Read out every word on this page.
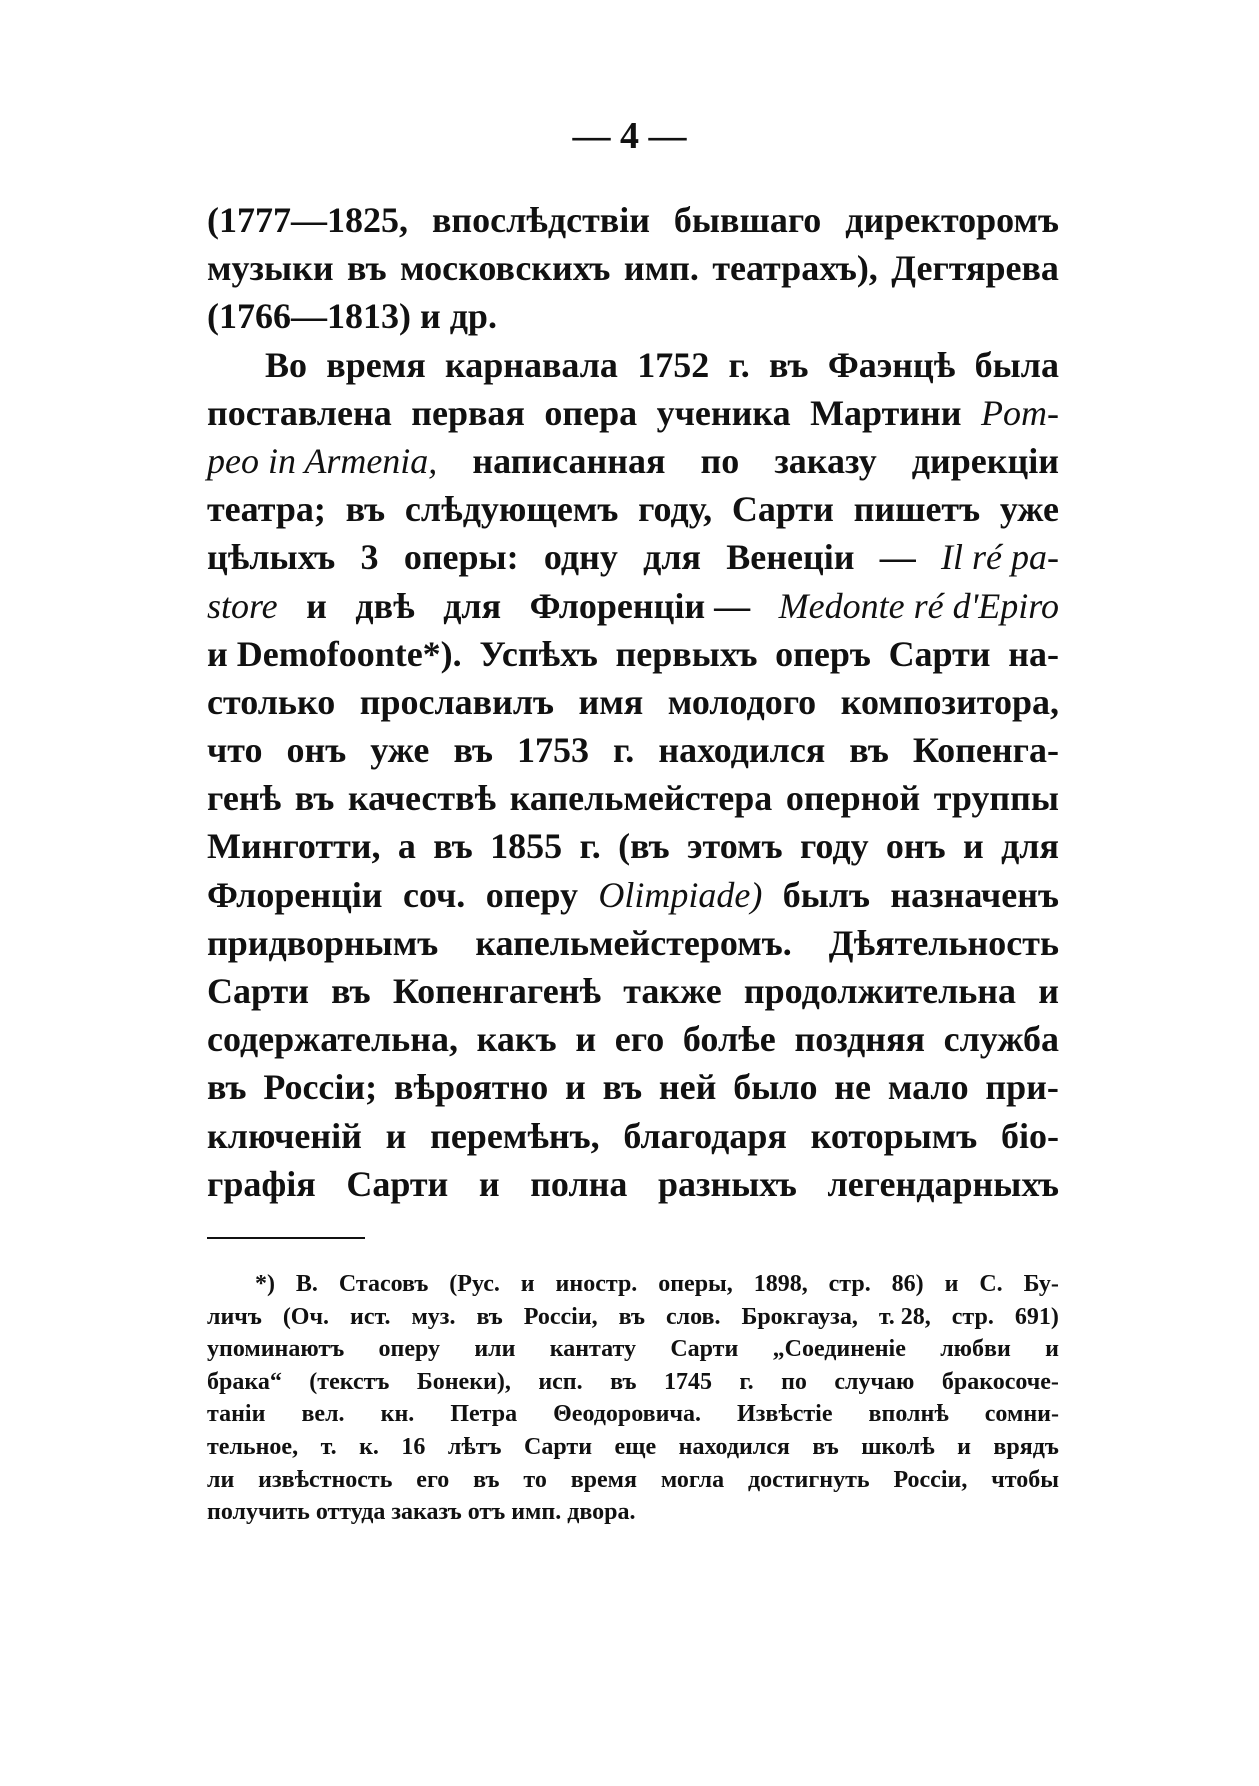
— 4 —
(1777—1825, впослѣдствіи бывшаго директоромъ
музыки въ московскихъ имп. театрахъ), Дегтярева
(1766—1813) и др.
Во время карнавала 1752 г. въ Фаэнцѣ была
поставлена первая опера ученика Мартини Pom-
peo in Armenia, написанная по заказу дирекціи
театра; въ слѣдующемъ году, Сарти пишетъ уже
цѣлыхъ 3 оперы: одну для Венеціи — Il ré pa-
store и двѣ для Флоренціи — Medonte ré d'Epiro
и Demofoonte*). Успѣхъ первыхъ оперъ Сарти на-
столько прославилъ имя молодого композитора,
что онъ уже въ 1753 г. находился въ Копенга-
генѣ въ качествѣ капельмейстера оперной труппы
Минготти, а въ 1855 г. (въ этомъ году онъ и для
Флоренціи соч. оперу Olimpiade) былъ назначенъ
придворнымъ капельмейстеромъ. Дѣятельность
Сарти въ Копенгагенѣ также продолжительна и
содержательна, какъ и его болѣе поздняя служба
въ Россіи; вѣроятно и въ ней было не мало при-
ключеній и перемѣнъ, благодаря которымъ біо-
графія Сарти и полна разныхъ легендарныхъ
*) В. Стасовъ (Рус. и иностр. оперы, 1898, стр. 86) и С. Бу-
личъ (Оч. ист. муз. въ Россіи, въ слов. Брокгауза, т. 28, стр. 691)
упоминаютъ оперу или кантату Сарти „Соединеніе любви и
брака“ (текстъ Бонеки), исп. въ 1745 г. по случаю бракосоче-
таніи вел. кн. Петра Θеодоровича. Извѣстіе вполнѣ сомни-
тельное, т. к. 16 лѣтъ Сарти еще находился въ школѣ и врядъ
ли извѣстность его въ то время могла достигнуть Россіи, чтобы
получить оттуда заказъ отъ имп. двора.
